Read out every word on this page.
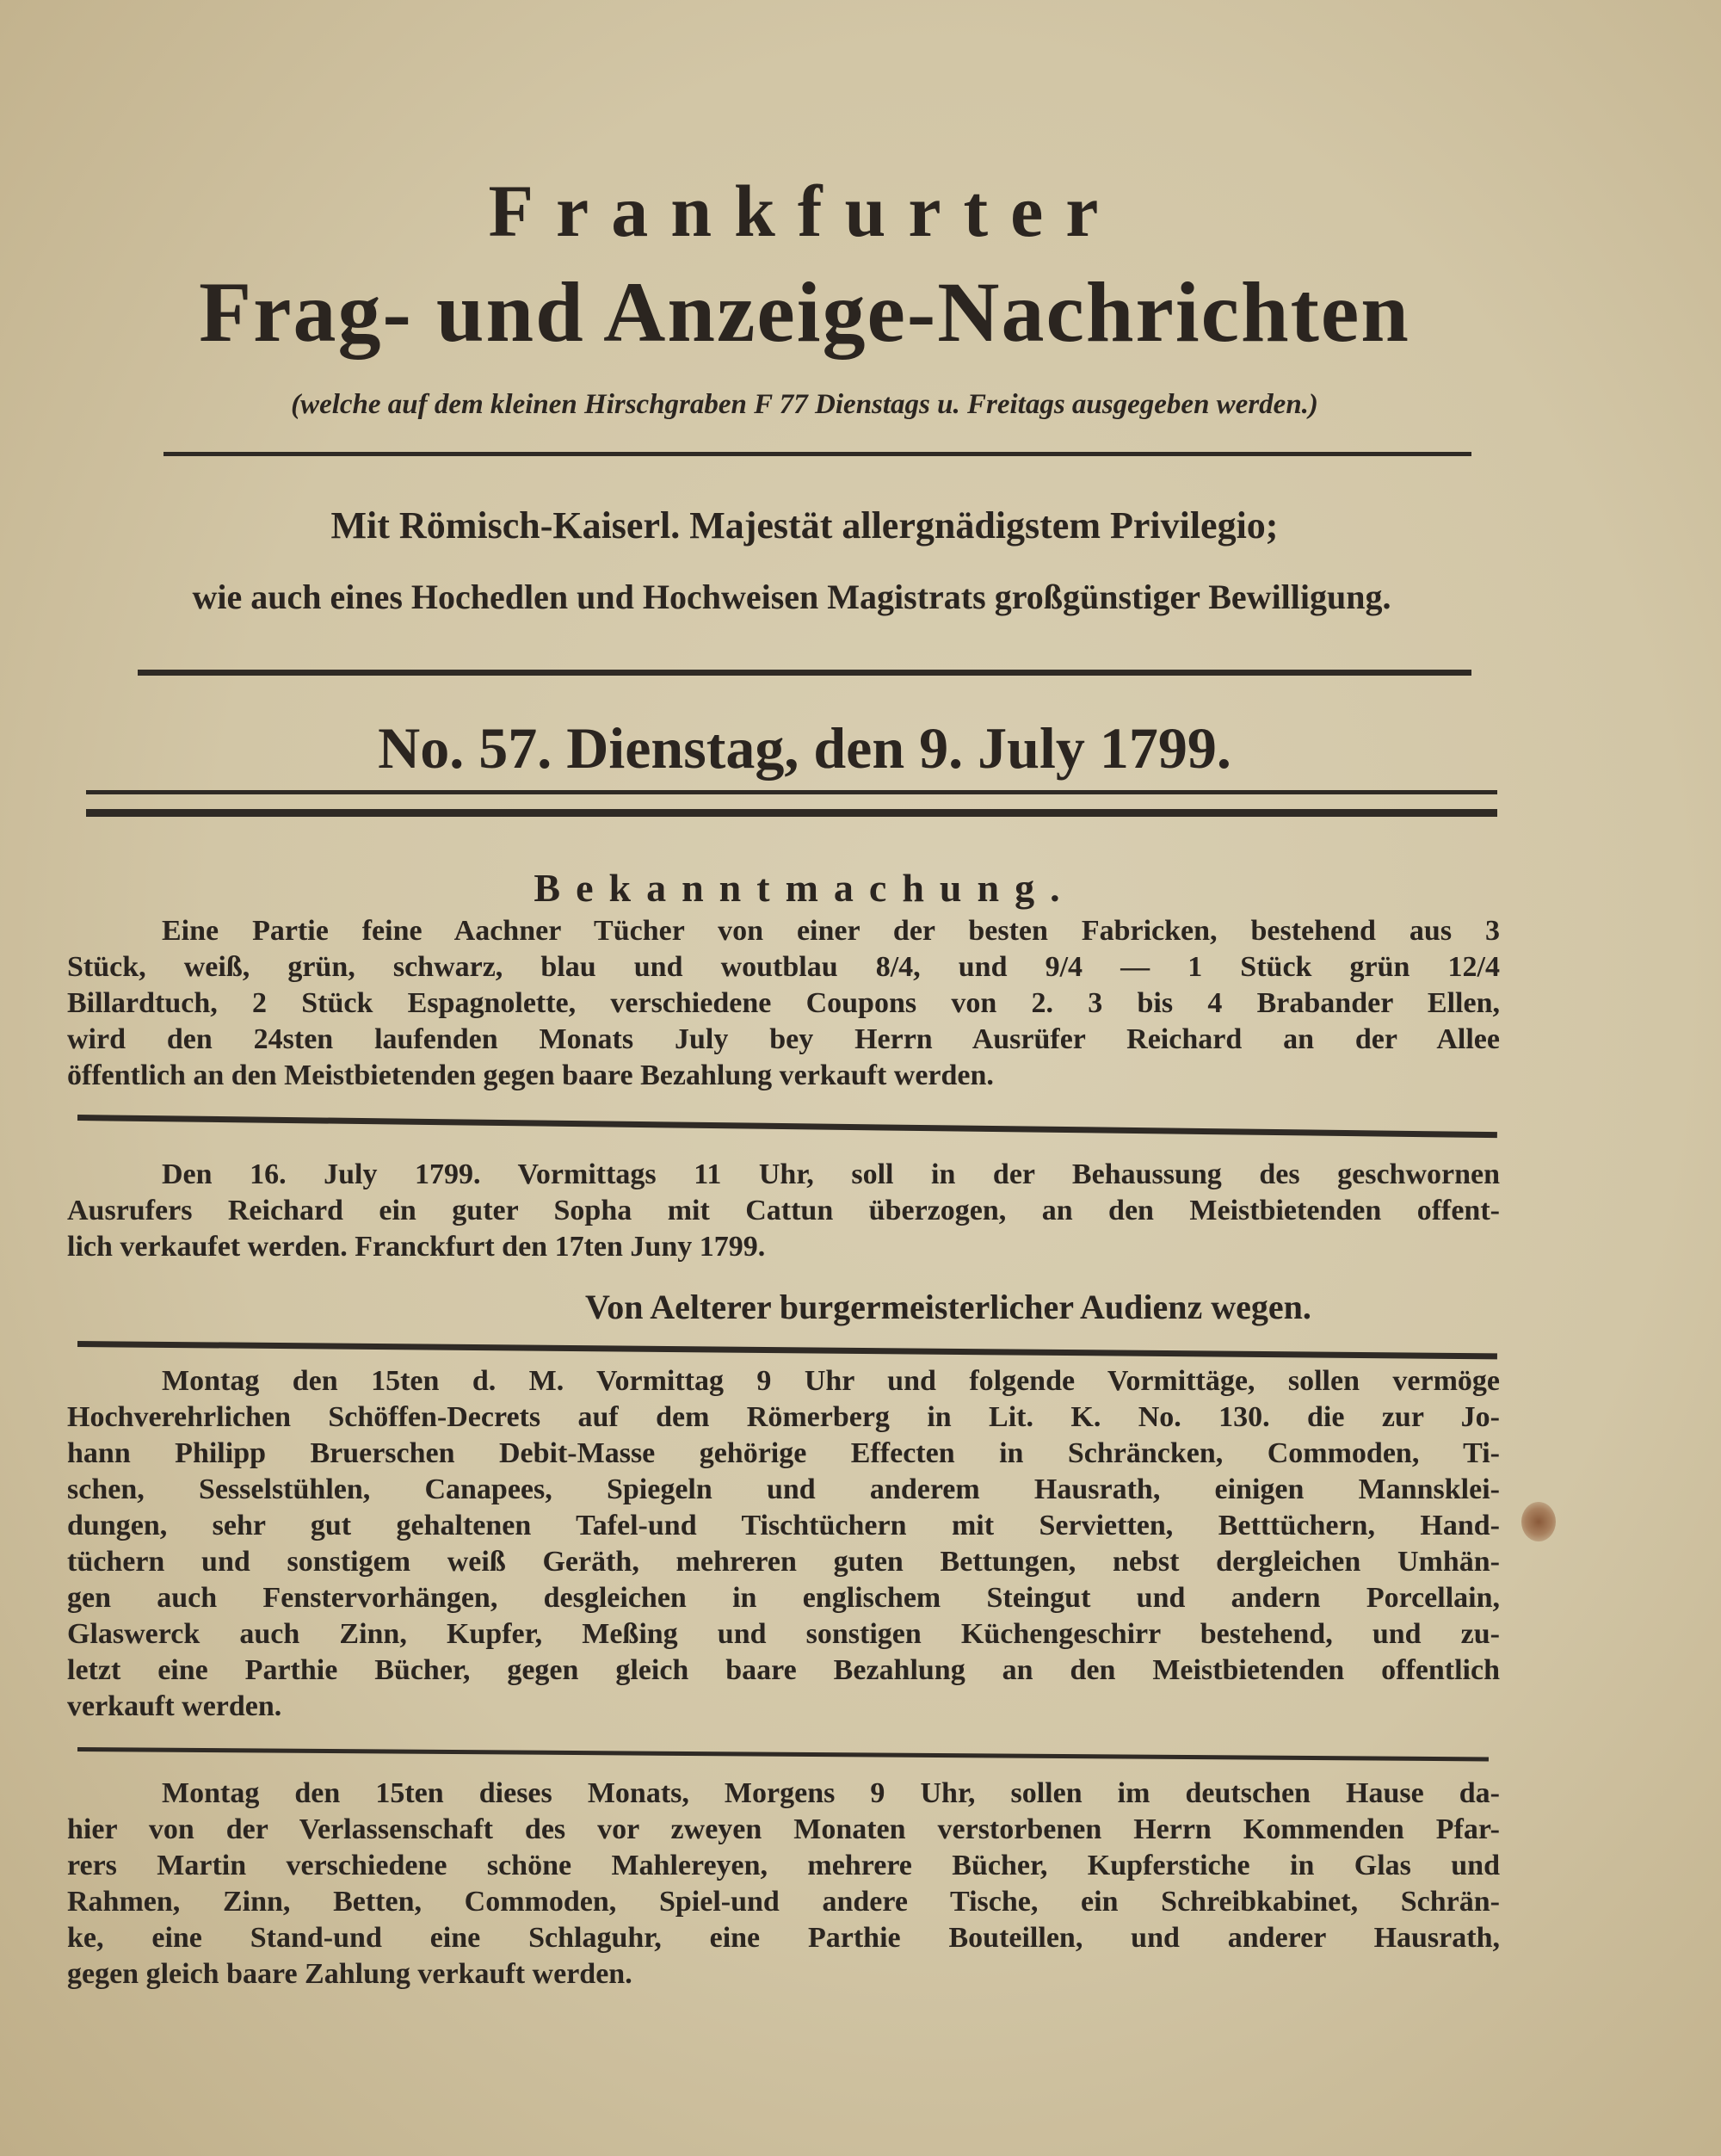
Frankfurter
Frag- und Anzeige-Nachrichten
(welche auf dem kleinen Hirschgraben F 77 Dienstags u. Freitags ausgegeben werden.)
Mit Römisch-Kaiserl. Majestät allergnädigstem Privilegio;
wie auch eines Hochedlen und Hochweisen Magistrats großgünstiger Bewilligung.
No. 57. Dienstag, den 9. July 1799.
Bekanntmachung.
Eine Partie feine Aachner Tücher von einer der besten Fabricken, bestehend aus 3
Stück, weiß, grün, schwarz, blau und woutblau 8/4, und 9/4 — 1 Stück grün 12/4
Billardtuch, 2 Stück Espagnolette, verschiedene Coupons von 2. 3 bis 4 Brabander Ellen,
wird den 24sten laufenden Monats July bey Herrn Ausrüfer Reichard an der Allee
öffentlich an den Meistbietenden gegen baare Bezahlung verkauft werden.
Den 16. July 1799. Vormittags 11 Uhr, soll in der Behaussung des geschwornen
Ausrufers Reichard ein guter Sopha mit Cattun überzogen, an den Meistbietenden offent-
lich verkaufet werden. Franckfurt den 17ten Juny 1799.
Von Aelterer burgermeisterlicher Audienz wegen.
Montag den 15ten d. M. Vormittag 9 Uhr und folgende Vormittäge, sollen vermöge
Hochverehrlichen Schöffen-Decrets auf dem Römerberg in Lit. K. No. 130. die zur Jo-
hann Philipp Bruerschen Debit-Masse gehörige Effecten in Schräncken, Commoden, Ti-
schen, Sesselstühlen, Canapees, Spiegeln und anderem Hausrath, einigen Mannsklei-
dungen, sehr gut gehaltenen Tafel-und Tischtüchern mit Servietten, Betttüchern, Hand-
tüchern und sonstigem weiß Geräth, mehreren guten Bettungen, nebst dergleichen Umhän-
gen auch Fenstervorhängen, desgleichen in englischem Steingut und andern Porcellain,
Glaswerck auch Zinn, Kupfer, Meßing und sonstigen Küchengeschirr bestehend, und zu-
letzt eine Parthie Bücher, gegen gleich baare Bezahlung an den Meistbietenden offentlich
verkauft werden.
Montag den 15ten dieses Monats, Morgens 9 Uhr, sollen im deutschen Hause da-
hier von der Verlassenschaft des vor zweyen Monaten verstorbenen Herrn Kommenden Pfar-
rers Martin verschiedene schöne Mahlereyen, mehrere Bücher, Kupferstiche in Glas und
Rahmen, Zinn, Betten, Commoden, Spiel-und andere Tische, ein Schreibkabinet, Schrän-
ke, eine Stand-und eine Schlaguhr, eine Parthie Bouteillen, und anderer Hausrath,
gegen gleich baare Zahlung verkauft werden.
